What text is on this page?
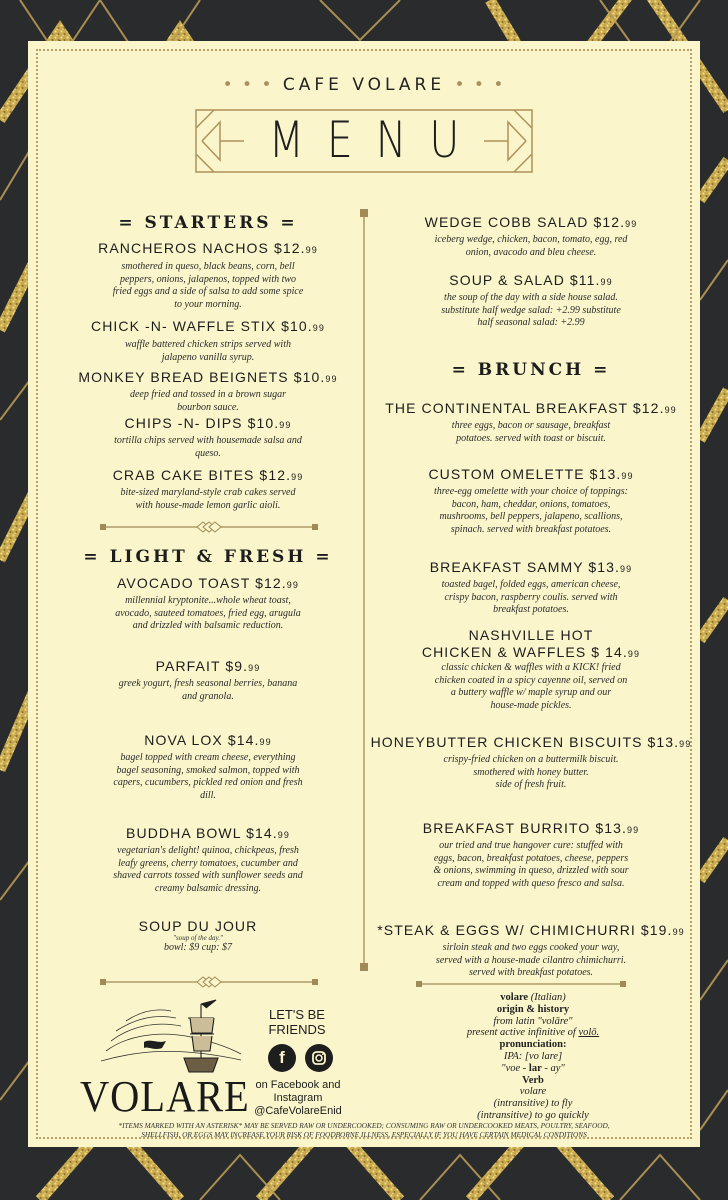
• • • CAFE VOLARE • • •
MENU
= STARTERS =
RANCHEROS NACHOS $12.99
smothered in queso, black beans, corn, bell
peppers, onions, jalapenos, topped with two
fried eggs and a side of salsa to add some spice
to your morning.
CHICK -N- WAFFLE STIX $10.99
waffle battered chicken strips served with
jalapeno vanilla syrup.
MONKEY BREAD BEIGNETS $10.99
deep fried and tossed in a brown sugar
bourbon sauce.
CHIPS -N- DIPS $10.99
tortilla chips served with housemade salsa and
queso.
CRAB CAKE BITES $12.99
bite-sized maryland-style crab cakes served
with house-made lemon garlic aioli.
= LIGHT & FRESH =
AVOCADO TOAST $12.99
millennial kryptonite...whole wheat toast,
avocado, sauteed tomatoes, fried egg, arugula
and drizzled with balsamic reduction.
PARFAIT $9.99
greek yogurt, fresh seasonal berries, banana
and granola.
NOVA LOX $14.99
bagel topped with cream cheese, everything
bagel seasoning, smoked salmon, topped with
capers, cucumbers, pickled red onion and fresh
dill.
BUDDHA BOWL $14.99
vegetarian's delight! quinoa, chickpeas, fresh
leafy greens, cherry tomatoes, cucumber and
shaved carrots tossed with sunflower seeds and
creamy balsamic dressing.
SOUP DU JOUR
"soup of the day."
bowl: $9 cup: $7
VOLARE
LET'S BE
FRIENDS
f
on Facebook and
Instagram
@CafeVolareEnid
WEDGE COBB SALAD $12.99
iceberg wedge, chicken, bacon, tomato, egg, red
onion, avacodo and bleu cheese.
SOUP & SALAD $11.99
the soup of the day with a side house salad.
substitute half wedge salad: +2.99 substitute
half seasonal salad: +2.99
= BRUNCH =
THE CONTINENTAL BREAKFAST $12.99
three eggs, bacon or sausage, breakfast
potatoes. served with toast or biscuit.
CUSTOM OMELETTE $13.99
three-egg omelette with your choice of toppings:
bacon, ham, cheddar, onions, tomatoes,
mushrooms, bell peppers, jalapeno, scallions,
spinach. served with breakfast potatoes.
BREAKFAST SAMMY $13.99
toasted bagel, folded eggs, american cheese,
crispy bacon, raspberry coulis. served with
breakfast potatoes.
NASHVILLE HOT
CHICKEN & WAFFLES $ 14.99
classic chicken & waffles with a KICK! fried
chicken coated in a spicy cayenne oil, served on
a buttery waffle w/ maple syrup and our
house-made pickles.
HONEYBUTTER CHICKEN BISCUITS $13.99
crispy-fried chicken on a buttermilk biscuit.
smothered with honey butter.
side of fresh fruit.
BREAKFAST BURRITO $13.99
our tried and true hangover cure: stuffed with
eggs, bacon, breakfast potatoes, cheese, peppers
& onions, swimming in queso, drizzled with sour
cream and topped with queso fresco and salsa.
*STEAK & EGGS W/ CHIMICHURRI $19.99
sirloin steak and two eggs cooked your way,
served with a house-made cilantro chimichurri.
served with breakfast potatoes.
volare (Italian)
origin & history
from latin "volāre"
present active infinitive of volō.
pronunciation:
IPA: [vo lare]
"voe - lar - ay"
Verb
volare
(intransitive) to fly
(intransitive) to go quickly
*ITEMS MARKED WITH AN ASTERISK* MAY BE SERVED RAW OR UNDERCOOKED; CONSUMING RAW OR UNDERCOOKED MEATS, POULTRY, SEAFOOD,
SHELLFISH, OR EGGS MAY INCREASE YOUR RISK OF FOODBORNE ILLNESS, ESPECIALLY IF YOU HAVE CERTAIN MEDICAL CONDITIONS
